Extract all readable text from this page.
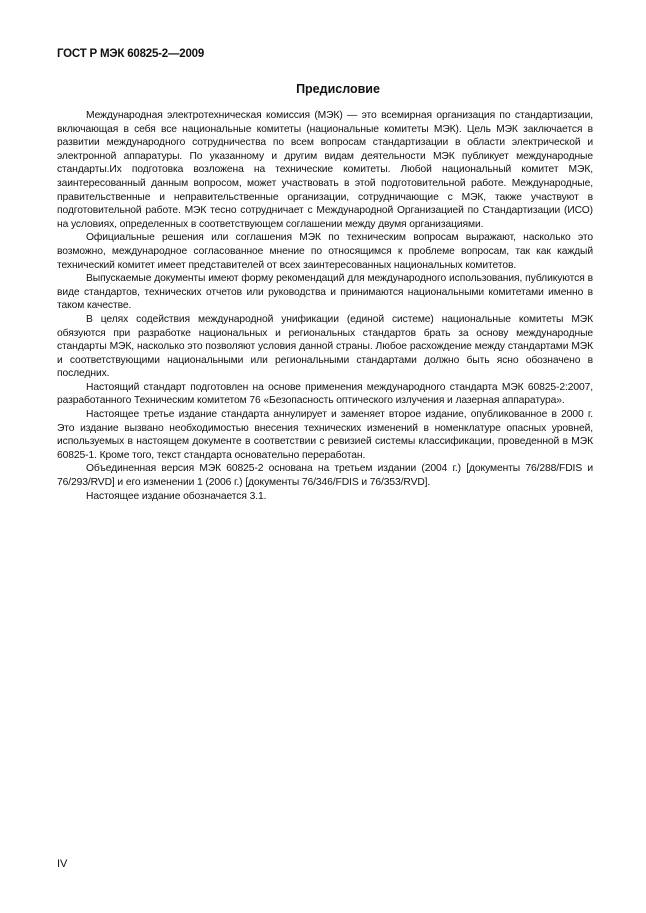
ГОСТ Р МЭК 60825-2—2009
Предисловие

Международная электротехническая комиссия (МЭК) — это всемирная организация по стандартизации, включающая в себя все национальные комитеты (национальные комитеты МЭК). Цель МЭК заключается в развитии международного сотрудничества по всем вопросам стандартизации в области электрической и электронной аппаратуры. По указанному и другим видам деятельности МЭК публикует международные стандарты.Их подготовка возложена на технические комитеты. Любой национальный комитет МЭК, заинтересованный данным вопросом, может участвовать в этой подготовительной работе. Международные, правительственные и неправительственные организации, сотрудничающие с МЭК, также участвуют в подготовительной работе. МЭК тесно сотрудничает с Международной Организацией по Стандартизации (ИСО) на условиях, определенных в соответствующем соглашении между двумя организациями.

Официальные решения или соглашения МЭК по техническим вопросам выражают, насколько это возможно, международное согласованное мнение по относящимся к проблеме вопросам, так как каждый технический комитет имеет представителей от всех заинтересованных национальных комитетов.

Выпускаемые документы имеют форму рекомендаций для международного использования, публикуются в виде стандартов, технических отчетов или руководства и принимаются национальными комитетами именно в таком качестве.

В целях содействия международной унификации (единой системе) национальные комитеты МЭК обязуются при разработке национальных и региональных стандартов брать за основу международные стандарты МЭК, насколько это позволяют условия данной страны. Любое расхождение между стандартами МЭК и соответствующими национальными или региональными стандартами должно быть ясно обозначено в последних.

Настоящий стандарт подготовлен на основе применения международного стандарта МЭК 60825-2:2007, разработанного Техническим комитетом 76 «Безопасность оптического излучения и лазерная аппаратура».

Настоящее третье издание стандарта аннулирует и заменяет второе издание, опубликованное в 2000 г. Это издание вызвано необходимостью внесения технических изменений в номенклатуре опасных уровней, используемых в настоящем документе в соответствии с ревизией системы классификации, проведенной в МЭК 60825-1. Кроме того, текст стандарта основательно переработан.

Объединенная версия МЭК 60825-2 основана на третьем издании (2004 г.) [документы 76/288/FDIS и 76/293/RVD] и его изменении 1 (2006 г.) [документы 76/346/FDIS и 76/353/RVD].

Настоящее издание обозначается 3.1.

IV
